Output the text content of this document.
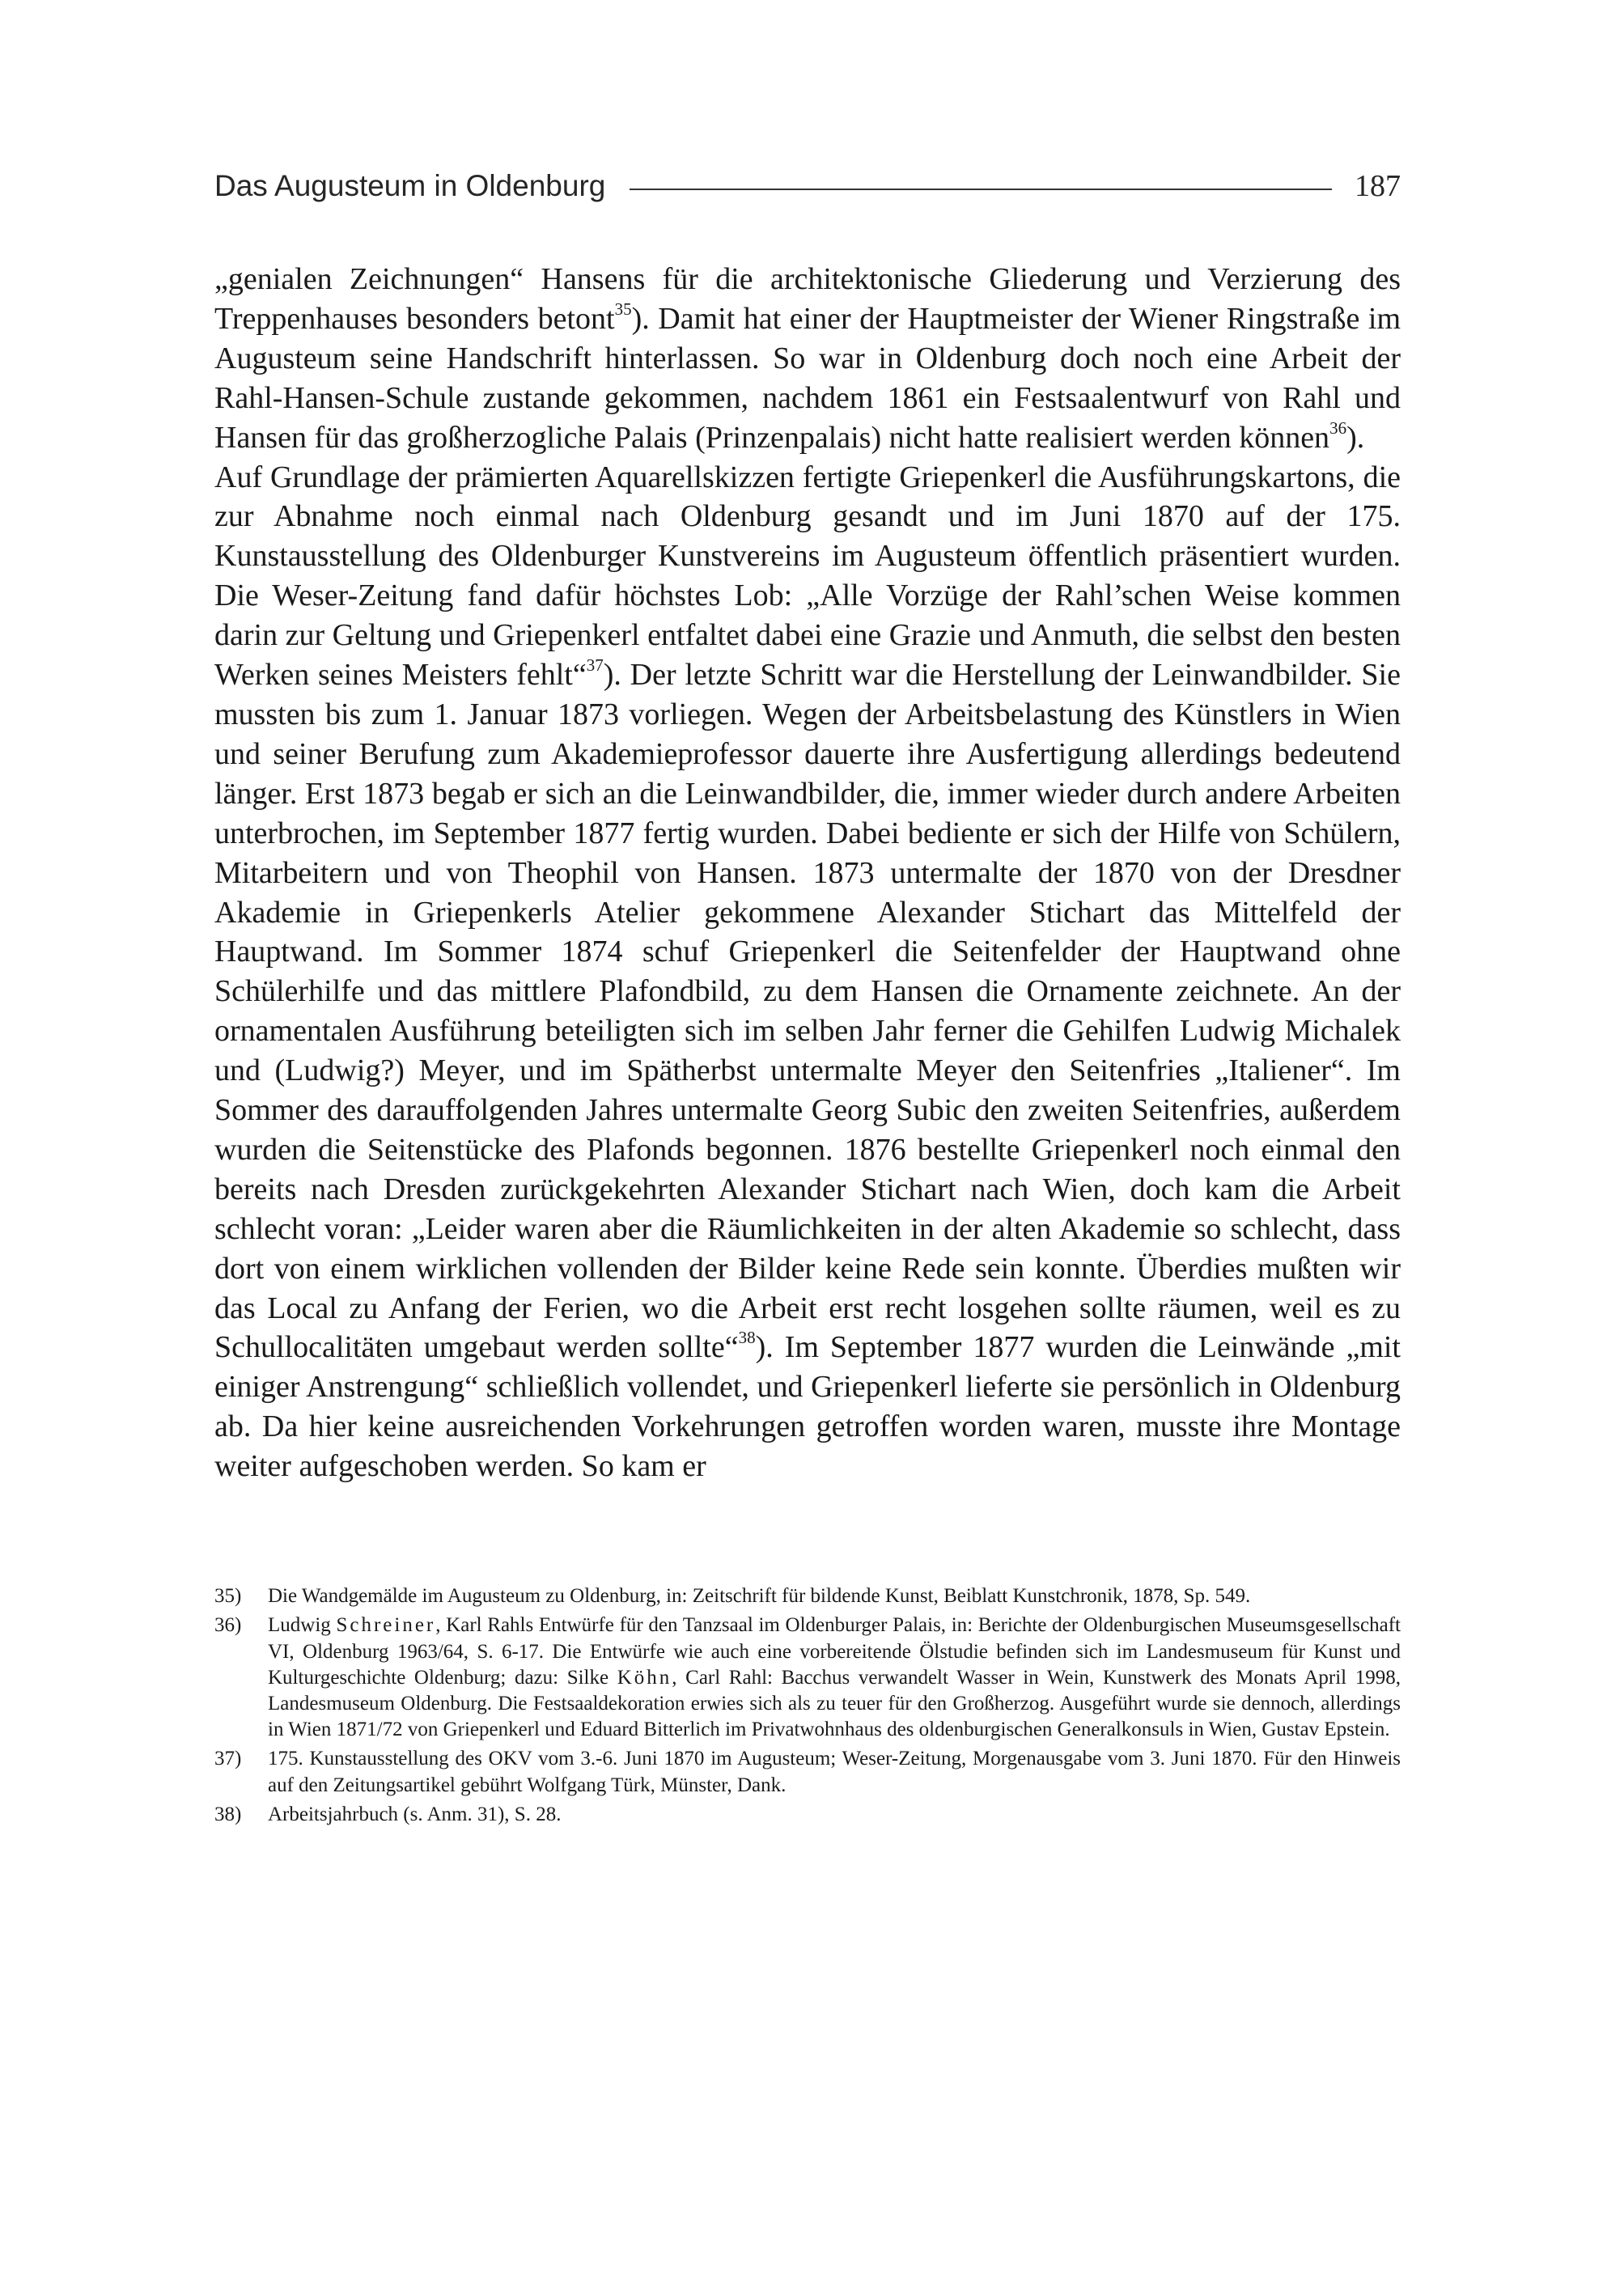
Das Augusteum in Oldenburg	187

„genialen Zeichnungen“ Hansens für die architektonische Gliederung und Verzierung des Treppenhauses besonders betont$^{35}$). Damit hat einer der Hauptmeister der Wiener Ringstraße im Augusteum seine Handschrift hinterlassen. So war in Oldenburg doch noch eine Arbeit der Rahl-Hansen-Schule zustande gekommen, nachdem 1861 ein Festsaalentwurf von Rahl und Hansen für das großherzogliche Palais (Prinzenpalais) nicht hatte realisiert werden können$^{36}$).

Auf Grundlage der prämierten Aquarellskizzen fertigte Griepenkerl die Ausführungskartons, die zur Abnahme noch einmal nach Oldenburg gesandt und im Juni 1870 auf der 175. Kunstausstellung des Oldenburger Kunstvereins im Augusteum öffentlich präsentiert wurden. Die Weser-Zeitung fand dafür höchstes Lob: „Alle Vorzüge der Rahl’schen Weise kommen darin zur Geltung und Griepenkerl entfaltet dabei eine Grazie und Anmuth, die selbst den besten Werken seines Meisters fehlt“$^{37}$). Der letzte Schritt war die Herstellung der Leinwandbilder. Sie mussten bis zum 1. Januar 1873 vorliegen. Wegen der Arbeitsbelastung des Künstlers in Wien und seiner Berufung zum Akademieprofessor dauerte ihre Ausfertigung allerdings bedeutend länger. Erst 1873 begab er sich an die Leinwandbilder, die, immer wieder durch andere Arbeiten unterbrochen, im September 1877 fertig wurden. Dabei bediente er sich der Hilfe von Schülern, Mitarbeitern und von Theophil von Hansen. 1873 untermalte der 1870 von der Dresdner Akademie in Griepenkerls Atelier gekommene Alexander Stichart das Mittelfeld der Hauptwand. Im Sommer 1874 schuf Griepenkerl die Seitenfelder der Hauptwand ohne Schülerhilfe und das mittlere Plafondbild, zu dem Hansen die Ornamente zeichnete. An der ornamentalen Ausführung beteiligten sich im selben Jahr ferner die Gehilfen Ludwig Michalek und (Ludwig?) Meyer, und im Spätherbst untermalte Meyer den Seitenfries „Italiener“. Im Sommer des darauffolgenden Jahres untermalte Georg Subic den zweiten Seitenfries, außerdem wurden die Seitenstücke des Plafonds begonnen. 1876 bestellte Griepenkerl noch einmal den bereits nach Dresden zurückgekehrten Alexander Stichart nach Wien, doch kam die Arbeit schlecht voran: „Leider waren aber die Räumlichkeiten in der alten Akademie so schlecht, dass dort von einem wirklichen vollenden der Bilder keine Rede sein konnte. Überdies mußten wir das Local zu Anfang der Ferien, wo die Arbeit erst recht losgehen sollte räumen, weil es zu Schullocalitäten umgebaut werden sollte“$^{38}$). Im September 1877 wurden die Leinwände „mit einiger Anstrengung“ schließlich vollendet, und Griepenkerl lieferte sie persönlich in Oldenburg ab. Da hier keine ausreichenden Vorkehrungen getroffen worden waren, musste ihre Montage weiter aufgeschoben werden. So kam er

35)	Die Wandgemälde im Augusteum zu Oldenburg, in: Zeitschrift für bildende Kunst, Beiblatt Kunstchronik, 1878, Sp. 549.
36)	Ludwig Schreiner, Karl Rahls Entwürfe für den Tanzsaal im Oldenburger Palais, in: Berichte der Oldenburgischen Museumsgesellschaft VI, Oldenburg 1963/64, S. 6-17. Die Entwürfe wie auch eine vorbereitende Ölstudie befinden sich im Landesmuseum für Kunst und Kulturgeschichte Oldenburg; dazu: Silke Köhn, Carl Rahl: Bacchus verwandelt Wasser in Wein, Kunstwerk des Monats April 1998, Landesmuseum Oldenburg. Die Festsaaldekoration erwies sich als zu teuer für den Großherzog. Ausgeführt wurde sie dennoch, allerdings in Wien 1871/72 von Griepenkerl und Eduard Bitterlich im Privatwohnhaus des oldenburgischen Generalkonsuls in Wien, Gustav Epstein.
37)	175. Kunstausstellung des OKV vom 3.-6. Juni 1870 im Augusteum; Weser-Zeitung, Morgenausgabe vom 3. Juni 1870. Für den Hinweis auf den Zeitungsartikel gebührt Wolfgang Türk, Münster, Dank.
38)	Arbeitsjahrbuch (s. Anm. 31), S. 28.
